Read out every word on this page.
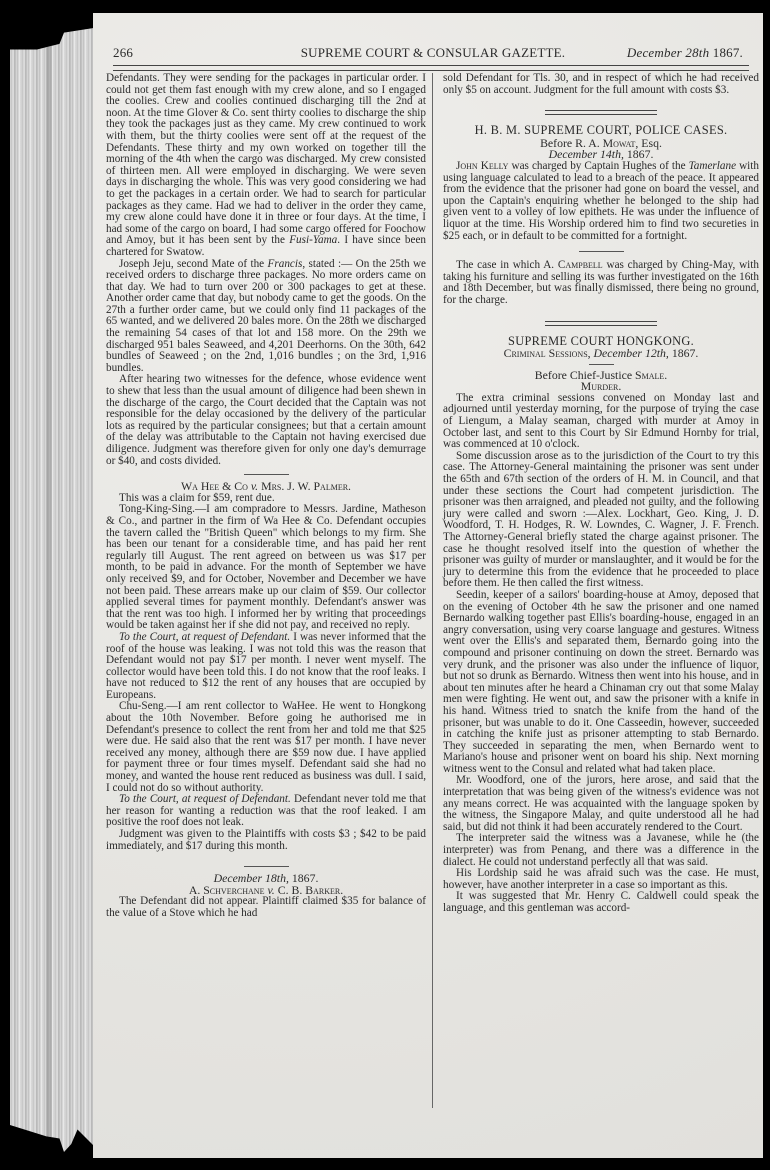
266	SUPREME COURT & CONSULAR GAZETTE.	December 28th 1867.

Defendants. They were sending for the packages in particular order. I could not get them fast enough with my crew alone, and so I engaged the coolies. Crew and coolies continued discharging till the 2nd at noon. At the time Glover & Co. sent thirty coolies to discharge the ship they took the packages just as they came. My crew continued to work with them, but the thirty coolies were sent off at the request of the Defendants. These thirty and my own worked on together till the morning of the 4th when the cargo was discharged. My crew consisted of thirteen men. All were employed in discharging. We were seven days in discharging the whole. This was very good considering we had to get the packages in a certain order. We had to search for particular packages as they came. Had we had to deliver in the order they came, my crew alone could have done it in three or four days. At the time, I had some of the cargo on board, I had some cargo offered for Foochow and Amoy, but it has been sent by the Fusi-Yama. I have since been chartered for Swatow.

Joseph Jeju, second Mate of the Francis, stated :— On the 25th we received orders to discharge three packages. No more orders came on that day. We had to turn over 200 or 300 packages to get at these. Another order came that day, but nobody came to get the goods. On the 27th a further order came, but we could only find 11 packages of the 65 wanted, and we delivered 20 bales more. On the 28th we discharged the remaining 54 cases of that lot and 158 more. On the 29th we discharged 951 bales Seaweed, and 4,201 Deerhorns. On the 30th, 642 bundles of Seaweed ; on the 2nd, 1,016 bundles ; on the 3rd, 1,916 bundles.

After hearing two witnesses for the defence, whose evidence went to shew that less than the usual amount of diligence had been shewn in the discharge of the cargo, the Court decided that the Captain was not responsible for the delay occasioned by the delivery of the particular lots as required by the particular consignees; but that a certain amount of the delay was attributable to the Captain not having exercised due diligence. Judgment was therefore given for only one day's demurrage or $40, and costs divided.

Wa Hee & Co v. Mrs. J. W. Palmer.

This was a claim for $59, rent due.

Tong-King-Sing.—I am compradore to Messrs. Jardine, Matheson & Co., and partner in the firm of Wa Hee & Co. Defendant occupies the tavern called the "British Queen" which belongs to my firm. She has been our tenant for a considerable time, and has paid her rent regularly till August. The rent agreed on between us was $17 per month, to be paid in advance. For the month of September we have only received $9, and for October, November and December we have not been paid. These arrears make up our claim of $59. Our collector applied several times for payment monthly. Defendant's answer was that the rent was too high. I informed her by writing that proceedings would be taken against her if she did not pay, and received no reply.

To the Court, at request of Defendant. I was never informed that the roof of the house was leaking. I was not told this was the reason that Defendant would not pay $17 per month. I never went myself. The collector would have been told this. I do not know that the roof leaks. I have not reduced to $12 the rent of any houses that are occupied by Europeans.

Chu-Seng.—I am rent collector to WaHee. He went to Hongkong about the 10th November. Before going he authorised me in Defendant's presence to collect the rent from her and told me that $25 were due. He said also that the rent was $17 per month. I have never received any money, although there are $59 now due. I have applied for payment three or four times myself. Defendant said she had no money, and wanted the house rent reduced as business was dull. I said, I could not do so without authority.

To the Court, at request of Defendant. Defendant never told me that her reason for wanting a reduction was that the roof leaked. I am positive the roof does not leak.

Judgment was given to the Plaintiffs with costs $3 ; $42 to be paid immediately, and $17 during this month.

December 18th, 1867.
A. Schverchane v. C. B. Barker.

The Defendant did not appear. Plaintiff claimed $35 for balance of the value of a Stove which he had

sold Defendant for Tls. 30, and in respect of which he had received only $5 on account. Judgment for the full amount with costs $3.

H. B. M. SUPREME COURT, POLICE CASES.
Before R. A. Mowat, Esq.
December 14th, 1867.

John Kelly was charged by Captain Hughes of the Tamerlane with using language calculated to lead to a breach of the peace. It appeared from the evidence that the prisoner had gone on board the vessel, and upon the Captain's enquiring whether he belonged to the ship had given vent to a volley of low epithets. He was under the influence of liquor at the time. His Worship ordered him to find two secureties in $25 each, or in default to be committed for a fortnight.

The case in which A. Campbell was charged by Ching-May, with taking his furniture and selling its was further investigated on the 16th and 18th December, but was finally dismissed, there being no ground, for the charge.

SUPREME COURT HONGKONG.
Criminal Sessions, December 12th, 1867.
Before Chief-Justice Smale.
Murder.

The extra criminal sessions convened on Monday last and adjourned until yesterday morning, for the purpose of trying the case of Liengum, a Malay seaman, charged with murder at Amoy in October last, and sent to this Court by Sir Edmund Hornby for trial, was commenced at 10 o'clock.

Some discussion arose as to the jurisdiction of the Court to try this case. The Attorney-General maintaining the prisoner was sent under the 65th and 67th section of the orders of H. M. in Council, and that under these sections the Court had competent jurisdiction. The prisoner was then arraigned, and pleaded not guilty, and the following jury were called and sworn :—Alex. Lockhart, Geo. King, J. D. Woodford, T. H. Hodges, R. W. Lowndes, C. Wagner, J. F. French. The Attorney-General briefly stated the charge against prisoner. The case he thought resolved itself into the question of whether the prisoner was guilty of murder or manslaughter, and it would be for the jury to determine this from the evidence that he proceeded to place before them. He then called the first witness.

Seedin, keeper of a sailors' boarding-house at Amoy, deposed that on the evening of October 4th he saw the prisoner and one named Bernardo walking together past Ellis's boarding-house, engaged in an angry conversation, using very coarse language and gestures. Witness went over the Ellis's and separated them, Bernardo going into the compound and prisoner continuing on down the street. Bernardo was very drunk, and the prisoner was also under the influence of liquor, but not so drunk as Bernardo. Witness then went into his house, and in about ten minutes after he heard a Chinaman cry out that some Malay men were fighting. He went out, and saw the prisoner with a knife in his hand. Witness tried to snatch the knife from the hand of the prisoner, but was unable to do it. One Casseedin, however, succeeded in catching the knife just as prisoner attempting to stab Bernardo. They succeeded in separating the men, when Bernardo went to Mariano's house and prisoner went on board his ship. Next morning witness went to the Consul and related what had taken place.

Mr. Woodford, one of the jurors, here arose, and said that the interpretation that was being given of the witness's evidence was not any means correct. He was acquainted with the language spoken by the witness, the Singapore Malay, and quite understood all he had said, but did not think it had been accurately rendered to the Court.

The interpreter said the witness was a Javanese, while he (the interpreter) was from Penang, and there was a difference in the dialect. He could not understand perfectly all that was said.

His Lordship said he was afraid such was the case. He must, however, have another interpreter in a case so important as this.

It was suggested that Mr. Henry C. Caldwell could speak the language, and this gentleman was accord-
